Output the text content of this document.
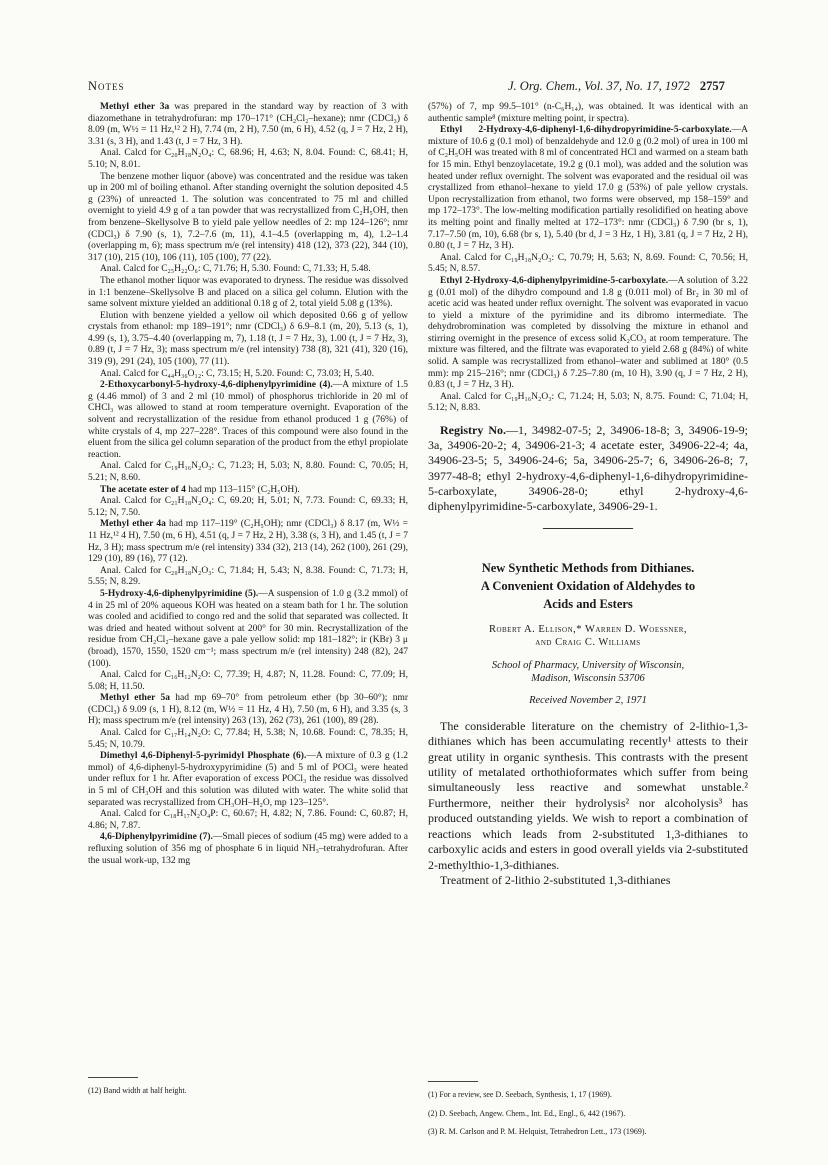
Notes	J. Org. Chem., Vol. 37, No. 17, 1972 2757

Methyl ether 3a was prepared in the standard way by reaction of 3 with diazomethane in tetrahydrofuran: mp 170–171° (CH₂Cl₂–hexane); nmr (CDCl₃) δ 8.09 (m, W½ = 11 Hz,¹² 2 H), 7.74 (m, 2 H), 7.50 (m, 6 H), 4.52 (q, J = 7 Hz, 2 H), 3.31 (s, 3 H), and 1.43 (t, J = 7 Hz, 3 H).

Anal. Calcd for C₂₀H₁₈N₂O₄: C, 68.96; H, 4.63; N, 8.04. Found: C, 68.41; H, 5.10; N, 8.01.

The benzene mother liquor (above) was concentrated and the residue was taken up in 200 ml of boiling ethanol. After standing overnight the solution deposited 4.5 g (23%) of unreacted 1. The solution was concentrated to 75 ml and chilled overnight to yield 4.9 g of a tan powder that was recrystallized from C₂H₅OH, then from benzene–Skellysolve B to yield pale yellow needles of 2: mp 124–126°; nmr (CDCl₃) δ 7.90 (s, 1), 7.2–7.6 (m, 11), 4.1–4.5 (overlapping m, 4), 1.2–1.4 (overlapping m, 6); mass spectrum m/e (rel intensity) 418 (12), 373 (22), 344 (10), 317 (10), 215 (10), 106 (11), 105 (100), 77 (22).

Anal. Calcd for C₂₅H₂₂O₆: C, 71.76; H, 5.30. Found: C, 71.33; H, 5.48.

The ethanol mother liquor was evaporated to dryness. The residue was dissolved in 1:1 benzene–Skellysolve B and placed on a silica gel column. Elution with the same solvent mixture yielded an additional 0.18 g of 2, total yield 5.08 g (13%).

Elution with benzene yielded a yellow oil which deposited 0.66 g of yellow crystals from ethanol: mp 189–191°; nmr (CDCl₃) δ 6.9–8.1 (m, 20), 5.13 (s, 1), 4.99 (s, 1), 3.75–4.40 (overlapping m, 7), 1.18 (t, J = 7 Hz, 3), 1.00 (t, J = 7 Hz, 3), 0.89 (t, J = 7 Hz, 3); mass spectrum m/e (rel intensity) 738 (8), 321 (41), 320 (16), 319 (9), 291 (24), 105 (100), 77 (11).

Anal. Calcd for C₄₄H₃₆O₁₂: C, 73.15; H, 5.20. Found: C, 73.03; H, 5.40.

2-Ethoxycarbonyl-5-hydroxy-4,6-diphenylpyrimidine (4).—A mixture of 1.5 g (4.46 mmol) of 3 and 2 ml (10 mmol) of phosphorus trichloride in 20 ml of CHCl₃ was allowed to stand at room temperature overnight. Evaporation of the solvent and recrystallization of the residue from ethanol produced 1 g (76%) of white crystals of 4, mp 227–228°. Traces of this compound were also found in the eluent from the silica gel column separation of the product from the ethyl propiolate reaction.

Anal. Calcd for C₁₉H₁₆N₂O₃: C, 71.23; H, 5.03; N, 8.80. Found: C, 70.05; H, 5.21; N, 8.60.

The acetate ester of 4 had mp 113–115° (C₂H₅OH).

Anal. Calcd for C₂₁H₁₈N₂O₄: C, 69.20; H, 5.01; N, 7.73. Found: C, 69.33; H, 5.12; N, 7.50.

Methyl ether 4a had mp 117–119° (C₂H₅OH); nmr (CDCl₃) δ 8.17 (m, W½ = 11 Hz,¹² 4 H), 7.50 (m, 6 H), 4.51 (q, J = 7 Hz, 2 H), 3.38 (s, 3 H), and 1.45 (t, J = 7 Hz, 3 H); mass spectrum m/e (rel intensity) 334 (32), 213 (14), 262 (100), 261 (29), 129 (10), 89 (16), 77 (12).

Anal. Calcd for C₂₀H₁₈N₂O₃: C, 71.84; H, 5.43; N, 8.38. Found: C, 71.73; H, 5.55; N, 8.29.

5-Hydroxy-4,6-diphenylpyrimidine (5).—A suspension of 1.0 g (3.2 mmol) of 4 in 25 ml of 20% aqueous KOH was heated on a steam bath for 1 hr. The solution was cooled and acidified to congo red and the solid that separated was collected. It was dried and heated without solvent at 200° for 30 min. Recrystallization of the residue from CH₂Cl₂–hexane gave a pale yellow solid: mp 181–182°; ir (KBr) 3 μ (broad), 1570, 1550, 1520 cm⁻¹; mass spectrum m/e (rel intensity) 248 (82), 247 (100).

Anal. Calcd for C₁₆H₁₂N₂O: C, 77.39; H, 4.87; N, 11.28. Found: C, 77.09; H, 5.08; H, 11.50.

Methyl ether 5a had mp 69–70° from petroleum ether (bp 30–60°); nmr (CDCl₃) δ 9.09 (s, 1 H), 8.12 (m, W½ = 11 Hz, 4 H), 7.50 (m, 6 H), and 3.35 (s, 3 H); mass spectrum m/e (rel intensity) 263 (13), 262 (73), 261 (100), 89 (28).

Anal. Calcd for C₁₇H₁₄N₂O: C, 77.84; H, 5.38; N, 10.68. Found: C, 78.35; H, 5.45; N, 10.79.

Dimethyl 4,6-Diphenyl-5-pyrimidyl Phosphate (6).—A mixture of 0.3 g (1.2 mmol) of 4,6-diphenyl-5-hydroxypyrimidine (5) and 5 ml of POCl₃ were heated under reflux for 1 hr. After evaporation of excess POCl₃ the residue was dissolved in 5 ml of CH₃OH and this solution was diluted with water. The white solid that separated was recrystallized from CH₃OH–H₂O, mp 123–125°.

Anal. Calcd for C₁₈H₁₇N₂O₄P: C, 60.67; H, 4.82; N, 7.86. Found: C, 60.87; H, 4.86; N, 7.87.

4,6-Diphenylpyrimidine (7).—Small pieces of sodium (45 mg) were added to a refluxing solution of 356 mg of phosphate 6 in liquid NH₃–tetrahydrofuran. After the usual work-up, 132 mg

(12) Band width at half height.

(57%) of 7, mp 99.5–101° (n-C₆H₁₄), was obtained. It was identical with an authentic sample⁸ (mixture melting point, ir spectra).

Ethyl 2-Hydroxy-4,6-diphenyl-1,6-dihydropyrimidine-5-carboxylate.—A mixture of 10.6 g (0.1 mol) of benzaldehyde and 12.0 g (0.2 mol) of urea in 100 ml of C₂H₅OH was treated with 8 ml of concentrated HCl and warmed on a steam bath for 15 min. Ethyl benzoylacetate, 19.2 g (0.1 mol), was added and the solution was heated under reflux overnight. The solvent was evaporated and the residual oil was crystallized from ethanol–hexane to yield 17.0 g (53%) of pale yellow crystals. Upon recrystallization from ethanol, two forms were observed, mp 158–159° and mp 172–173°. The low-melting modification partially resolidified on heating above its melting point and finally melted at 172–173°: nmr (CDCl₃) δ 7.90 (br s, 1), 7.17–7.50 (m, 10), 6.68 (br s, 1), 5.40 (br d, J = 3 Hz, 1 H), 3.81 (q, J = 7 Hz, 2 H), 0.80 (t, J = 7 Hz, 3 H).

Anal. Calcd for C₁₉H₁₈N₂O₃: C, 70.79; H, 5.63; N, 8.69. Found: C, 70.56; H, 5.45; N, 8.57.

Ethyl 2-Hydroxy-4,6-diphenylpyrimidine-5-carboxylate.—A solution of 3.22 g (0.01 mol) of the dihydro compound and 1.8 g (0.011 mol) of Br₂ in 30 ml of acetic acid was heated under reflux overnight. The solvent was evaporated in vacuo to yield a mixture of the pyrimidine and its dibromo intermediate. The dehydrobromination was completed by dissolving the mixture in ethanol and stirring overnight in the presence of excess solid K₂CO₃ at room temperature. The mixture was filtered, and the filtrate was evaporated to yield 2.68 g (84%) of white solid. A sample was recrystallized from ethanol–water and sublimed at 180° (0.5 mm): mp 215–216°; nmr (CDCl₃) δ 7.25–7.80 (m, 10 H), 3.90 (q, J = 7 Hz, 2 H), 0.83 (t, J = 7 Hz, 3 H).

Anal. Calcd for C₁₉H₁₆N₂O₃: C, 71.24; H, 5.03; N, 8.75. Found: C, 71.04; H, 5.12; N, 8.83.

Registry No.—1, 34982-07-5; 2, 34906-18-8; 3, 34906-19-9; 3a, 34906-20-2; 4, 34906-21-3; 4 acetate ester, 34906-22-4; 4a, 34906-23-5; 5, 34906-24-6; 5a, 34906-25-7; 6, 34906-26-8; 7, 3977-48-8; ethyl 2-hydroxy-4,6-diphenyl-1,6-dihydropyrimidine-5-carboxylate, 34906-28-0; ethyl 2-hydroxy-4,6-diphenylpyrimidine-5-carboxylate, 34906-29-1.

New Synthetic Methods from Dithianes.
A Convenient Oxidation of Aldehydes to
Acids and Esters

Robert A. Ellison,* Warren D. Woessner,
and Craig C. Williams

School of Pharmacy, University of Wisconsin,
Madison, Wisconsin 53706

Received November 2, 1971

The considerable literature on the chemistry of 2-lithio-1,3-dithianes which has been accumulating recently¹ attests to their great utility in organic synthesis. This contrasts with the present utility of metalated orthothioformates which suffer from being simultaneously less reactive and somewhat unstable.² Furthermore, neither their hydrolysis² nor alcoholysis³ has produced outstanding yields. We wish to report a combination of reactions which leads from 2-substituted 1,3-dithianes to carboxylic acids and esters in good overall yields via 2-substituted 2-methylthio-1,3-dithianes.

Treatment of 2-lithio 2-substituted 1,3-dithianes

(1) For a review, see D. Seebach, Synthesis, 1, 17 (1969).

(2) D. Seebach, Angew. Chem., Int. Ed., Engl., 6, 442 (1967).

(3) R. M. Carlson and P. M. Helquist, Tetrahedron Lett., 173 (1969).
